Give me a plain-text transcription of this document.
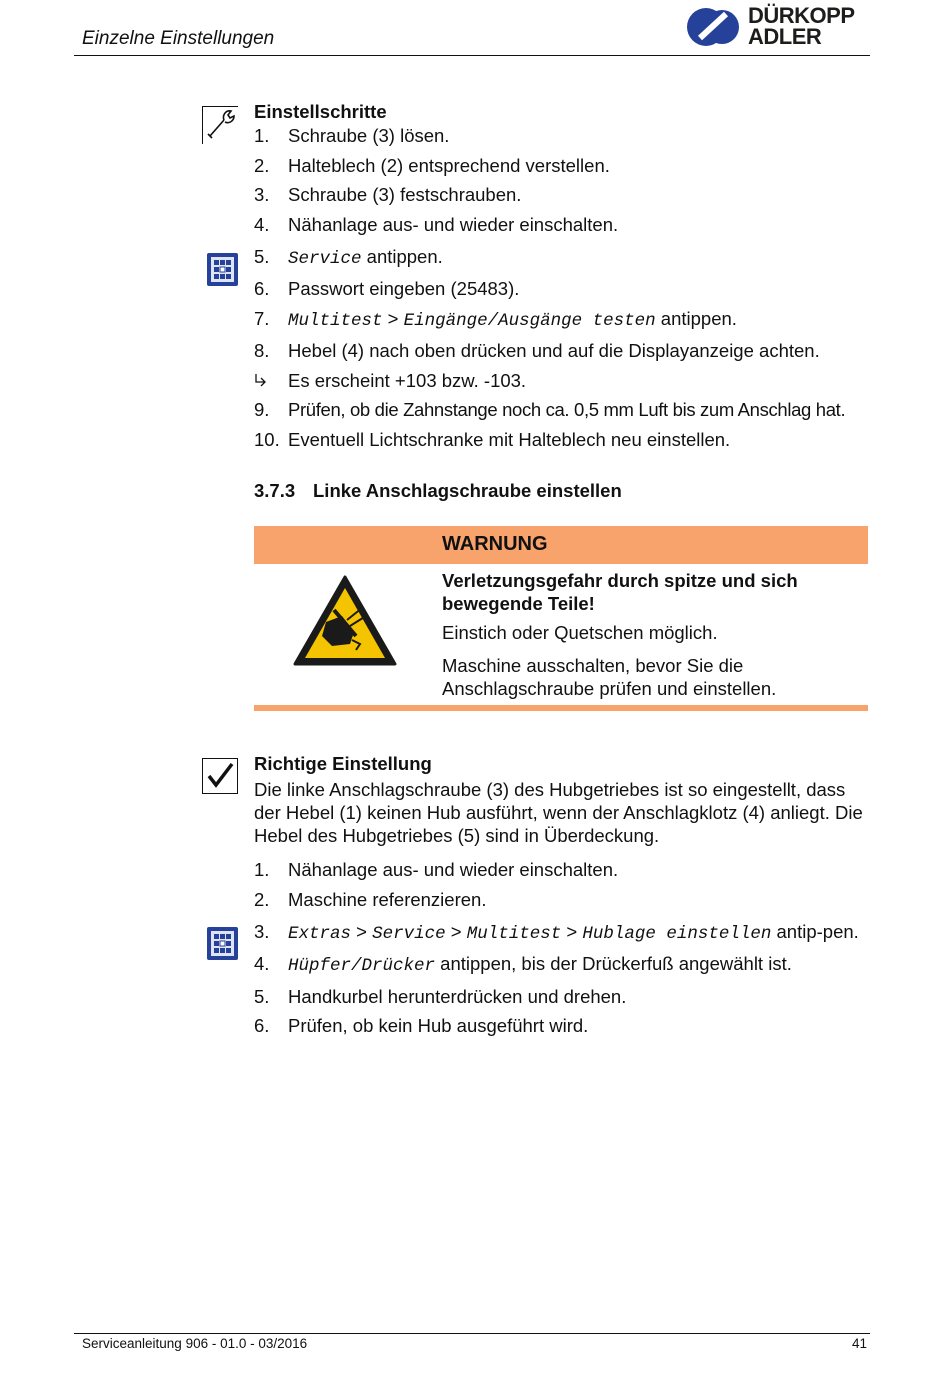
Einzelne Einstellungen
DÜRKOPP
ADLER
Einstellschritte
1. Schraube (3) lösen.
2. Halteblech (2) entsprechend verstellen.
3. Schraube (3) festschrauben.
4. Nähanlage aus- und wieder einschalten.
5. Service antippen.
6. Passwort eingeben (25483).
7. Multitest > Eingänge/Ausgänge testen antippen.
8. Hebel (4) nach oben drücken und auf die Displayanzeige achten.
Es erscheint +103 bzw. -103.
9. Prüfen, ob die Zahnstange noch ca. 0,5 mm Luft bis zum Anschlag hat.
10. Eventuell Lichtschranke mit Halteblech neu einstellen.
3.7.3 Linke Anschlagschraube einstellen
WARNUNG
Verletzungsgefahr durch spitze und sich bewegende Teile!
Einstich oder Quetschen möglich.
Maschine ausschalten, bevor Sie die Anschlagschraube prüfen und einstellen.
Richtige Einstellung
Die linke Anschlagschraube (3) des Hubgetriebes ist so eingestellt, dass der Hebel (1) keinen Hub ausführt, wenn der Anschlagklotz (4) anliegt. Die Hebel des Hubgetriebes (5) sind in Überdeckung.
1. Nähanlage aus- und wieder einschalten.
2. Maschine referenzieren.
3. Extras > Service > Multitest > Hublage einstellen antip-pen.
4. Hüpfer/Drücker antippen, bis der Drückerfuß angewählt ist.
5. Handkurbel herunterdrücken und drehen.
6. Prüfen, ob kein Hub ausgeführt wird.
Serviceanleitung 906 - 01.0 - 03/2016	41
